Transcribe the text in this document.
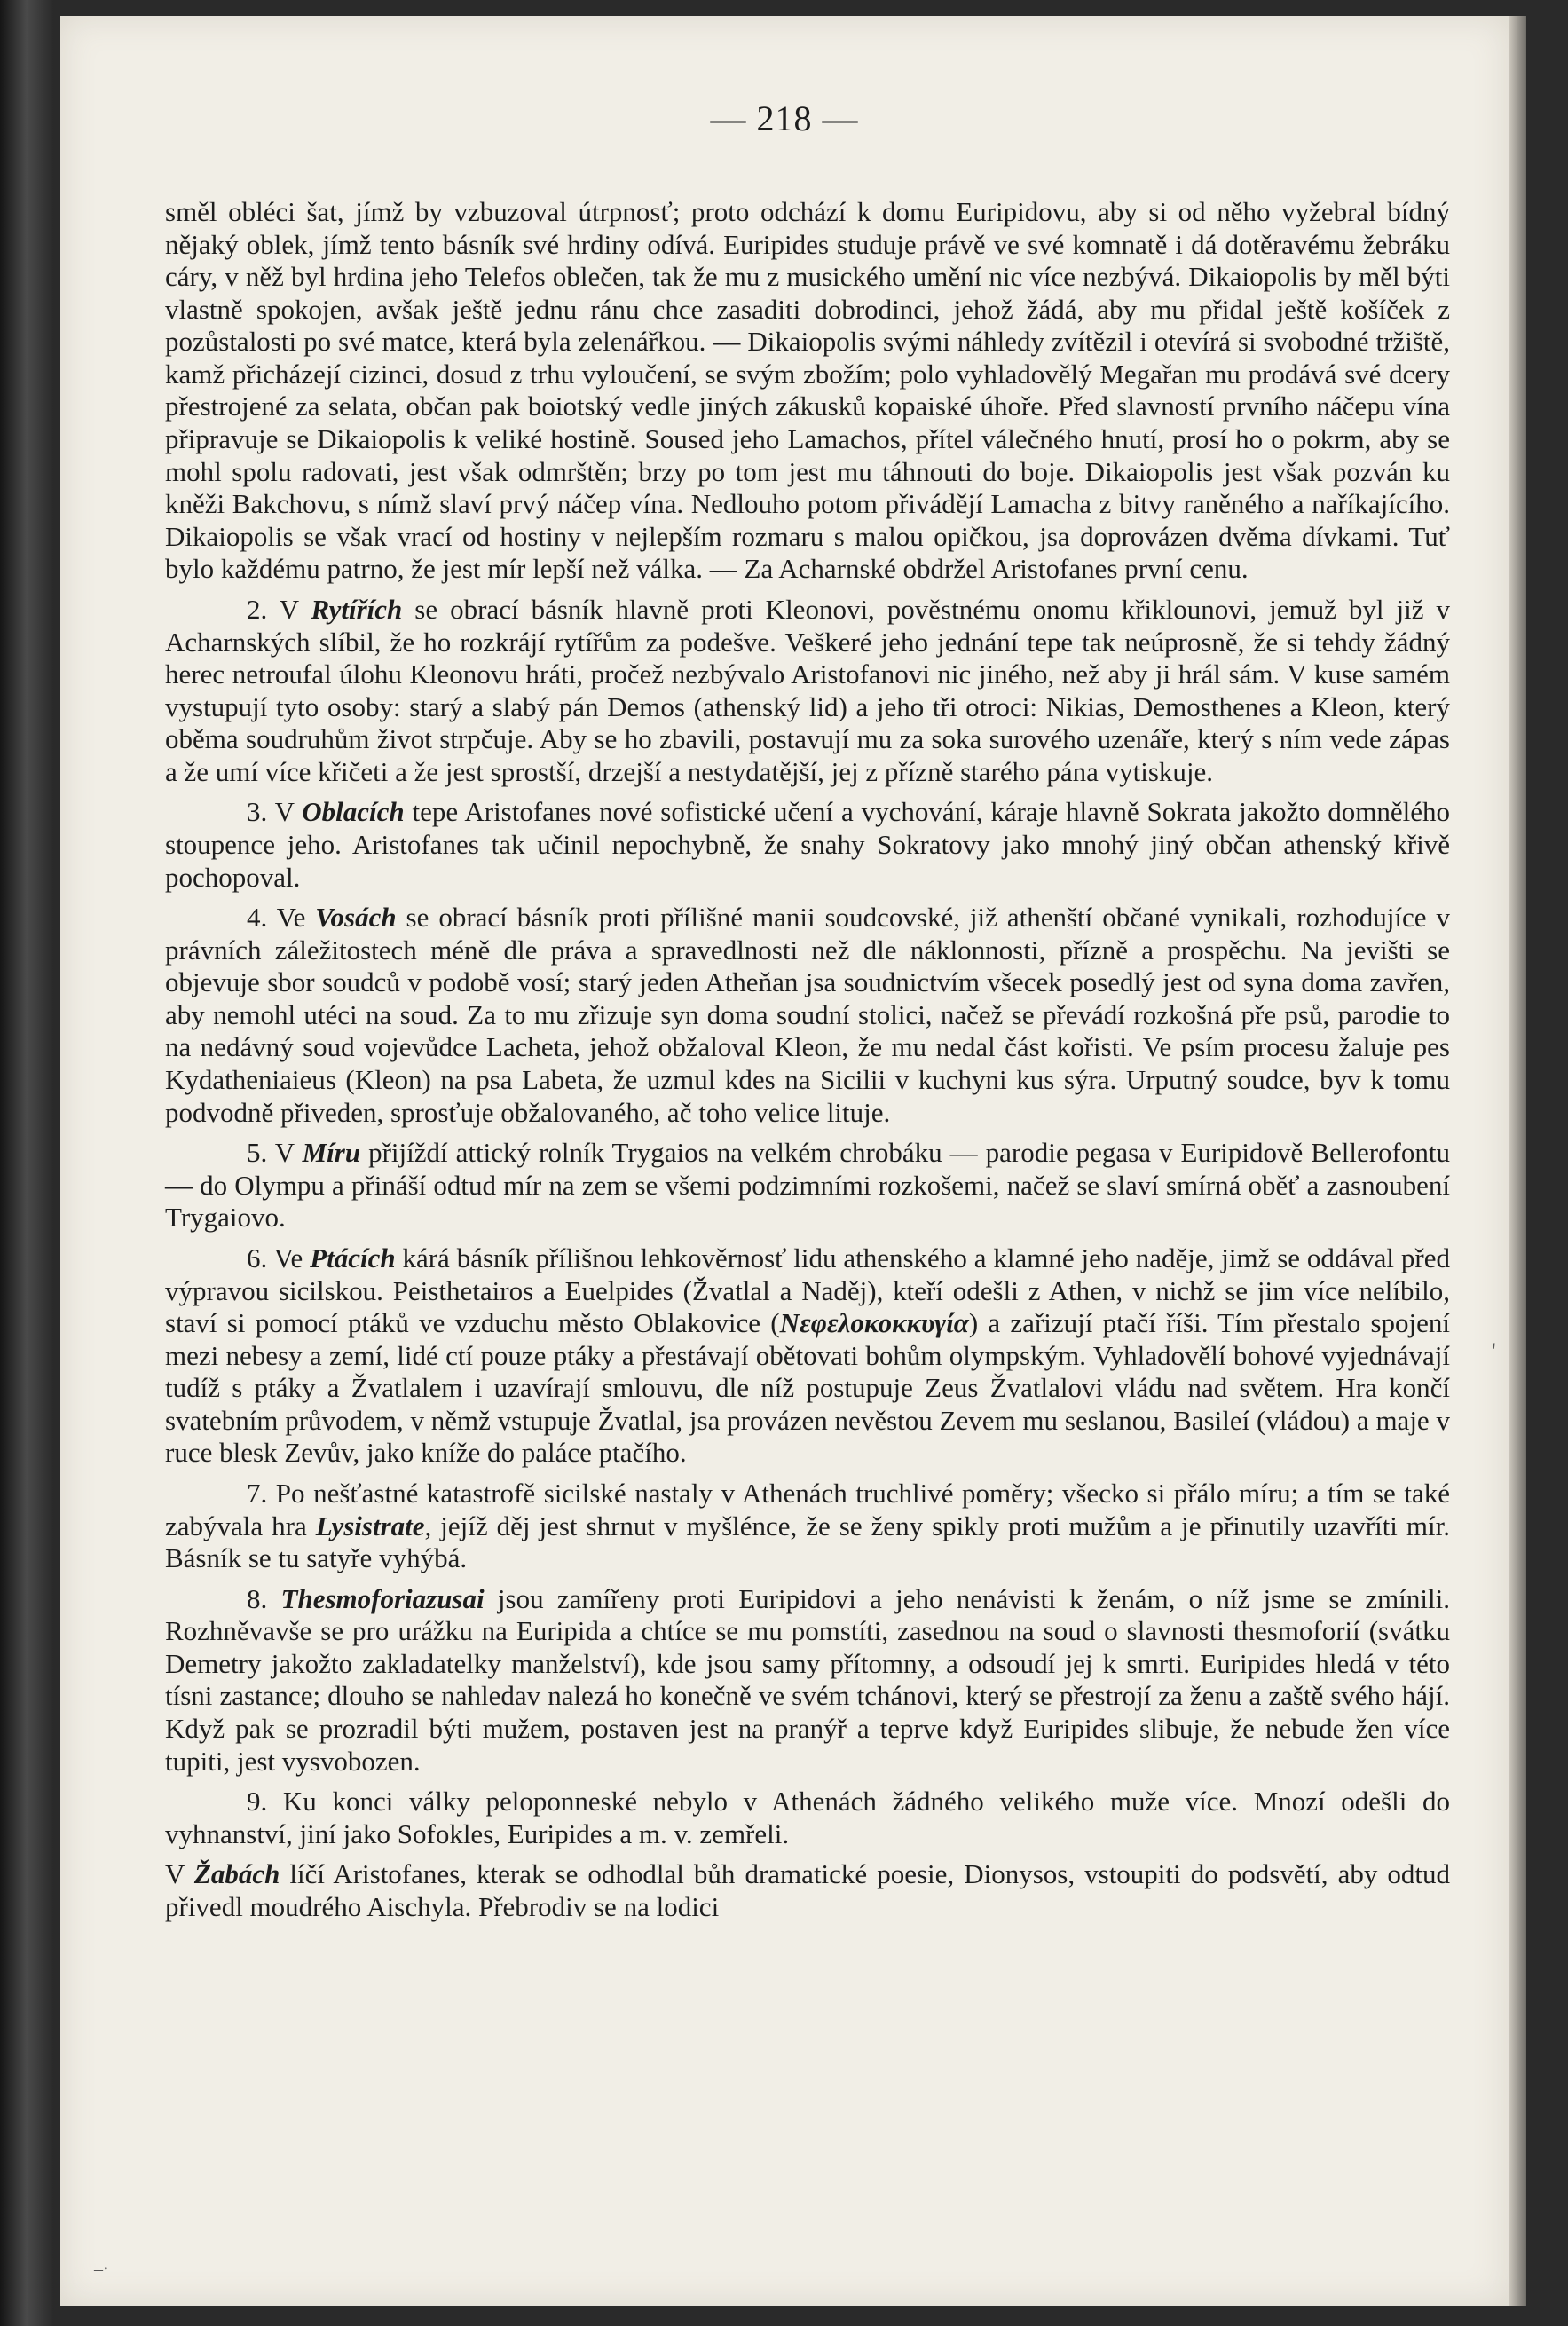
— 218 —

směl obléci šat, jímž by vzbuzoval útrpnosť; proto odchází k domu Euripidovu, aby si od něho vyžebral bídný nějaký oblek, jímž tento básník své hrdiny odívá. Euripides studuje právě ve své komnatě i dá dotěravému žebráku cáry, v něž byl hrdina jeho Telefos oblečen, tak že mu z musického umění nic více nezbývá. Dikaiopolis by měl býti vlastně spokojen, avšak ještě jednu ránu chce zasaditi dobrodinci, jehož žádá, aby mu přidal ještě košíček z pozůstalosti po své matce, která byla zelenářkou. — Dikaiopolis svými náhledy zvítězil i otevírá si svobodné tržiště, kamž přicházejí cizinci, dosud z trhu vyloučení, se svým zbožím; polo vyhladovělý Megařan mu prodává své dcery přestrojené za selata, občan pak boiotský vedle jiných zákusků kopaiské úhoře. Před slavností prvního náčepu vína připravuje se Dikaiopolis k veliké hostině. Soused jeho Lamachos, přítel válečného hnutí, prosí ho o pokrm, aby se mohl spolu radovati, jest však odmrštěn; brzy po tom jest mu táhnouti do boje. Dikaiopolis jest však pozván ku kněži Bakchovu, s nímž slaví prvý náčep vína. Nedlouho potom přivádějí Lamacha z bitvy raněného a naříkajícího. Dikaiopolis se však vrací od hostiny v nejlepším rozmaru s malou opičkou, jsa doprovázen dvěma dívkami. Tuť bylo každému patrno, že jest mír lepší než válka. — Za Acharnské obdržel Aristofanes první cenu.

2. V Rytířích se obrací básník hlavně proti Kleonovi, pověstnému onomu křiklounovi, jemuž byl již v Acharnských slíbil, že ho rozkrájí rytířům za podešve. Veškeré jeho jednání tepe tak neúprosně, že si tehdy žádný herec netroufal úlohu Kleonovu hráti, pročež nezbývalo Aristofanovi nic jiného, než aby ji hrál sám. V kuse samém vystupují tyto osoby: starý a slabý pán Demos (athenský lid) a jeho tři otroci: Nikias, Demosthenes a Kleon, který oběma soudruhům život strpčuje. Aby se ho zbavili, postavují mu za soka surového uzenáře, který s ním vede zápas a že umí více křičeti a že jest sprostší, drzejší a nestydatější, jej z přízně starého pána vytiskuje.

3. V Oblacích tepe Aristofanes nové sofistické učení a vychování, káraje hlavně Sokrata jakožto domnělého stoupence jeho. Aristofanes tak učinil nepochybně, že snahy Sokratovy jako mnohý jiný občan athenský křivě pochopoval.

4. Ve Vosách se obrací básník proti přílišné manii soudcovské, již athenští občané vynikali, rozhodujíce v právních záležitostech méně dle práva a spravedlnosti než dle náklonnosti, přízně a prospěchu. Na jevišti se objevuje sbor soudců v podobě vosí; starý jeden Atheňan jsa soudnictvím všecek posedlý jest od syna doma zavřen, aby nemohl utéci na soud. Za to mu zřizuje syn doma soudní stolici, načež se převádí rozkošná pře psů, parodie to na nedávný soud vojevůdce Lacheta, jehož obžaloval Kleon, že mu nedal část kořisti. Ve psím procesu žaluje pes Kydatheniaieus (Kleon) na psa Labeta, že uzmul kdes na Sicilii v kuchyni kus sýra. Urputný soudce, byv k tomu podvodně přiveden, sprosťuje obžalovaného, ač toho velice lituje.

5. V Míru přijíždí attický rolník Trygaios na velkém chrobáku — parodie pegasa v Euripidově Bellerofontu — do Olympu a přináší odtud mír na zem se všemi podzimními rozkošemi, načež se slaví smírná oběť a zasnoubení Trygaiovo.

6. Ve Ptácích kárá básník přílišnou lehkověrnosť lidu athenského a klamné jeho naděje, jimž se oddával před výpravou sicilskou. Peisthetairos a Euelpides (Žvatlal a Naděj), kteří odešli z Athen, v nichž se jim více nelíbilo, staví si pomocí ptáků ve vzduchu město Oblakovice (Νεφελοκοκκυγία) a zařizují ptačí říši. Tím přestalo spojení mezi nebesy a zemí, lidé ctí pouze ptáky a přestávají obětovati bohům olympským. Vyhladovělí bohové vyjednávají tudíž s ptáky a Žvatlalem i uzavírají smlouvu, dle níž postupuje Zeus Žvatlalovi vládu nad světem. Hra končí svatebním průvodem, v němž vstupuje Žvatlal, jsa provázen nevěstou Zevem mu seslanou, Basileí (vládou) a maje v ruce blesk Zevův, jako kníže do paláce ptačího.

7. Po nešťastné katastrofě sicilské nastaly v Athenách truchlivé poměry; všecko si přálo míru; a tím se také zabývala hra Lysistrate, jejíž děj jest shrnut v myšlénce, že se ženy spikly proti mužům a je přinutily uzavříti mír. Básník se tu satyře vyhýbá.

8. Thesmoforiazusai jsou zamířeny proti Euripidovi a jeho nenávisti k ženám, o níž jsme se zmínili. Rozhněvavše se pro urážku na Euripida a chtíce se mu pomstíti, zasednou na soud o slavnosti thesmoforií (svátku Demetry jakožto zakladatelky manželství), kde jsou samy přítomny, a odsoudí jej k smrti. Euripides hledá v této tísni zastance; dlouho se nahledav nalezá ho konečně ve svém tchánovi, který se přestrojí za ženu a zaště svého hájí. Když pak se prozradil býti mužem, postaven jest na pranýř a teprve když Euripides slibuje, že nebude žen více tupiti, jest vysvobozen.

9. Ku konci války peloponneské nebylo v Athenách žádného velikého muže více. Mnozí odešli do vyhnanství, jiní jako Sofokles, Euripides a m. v. zemřeli.

V Žabách líčí Aristofanes, kterak se odhodlal bůh dramatické poesie, Dionysos, vstoupiti do podsvětí, aby odtud přivedl moudrého Aischyla. Přebrodiv se na lodici

'
–·
